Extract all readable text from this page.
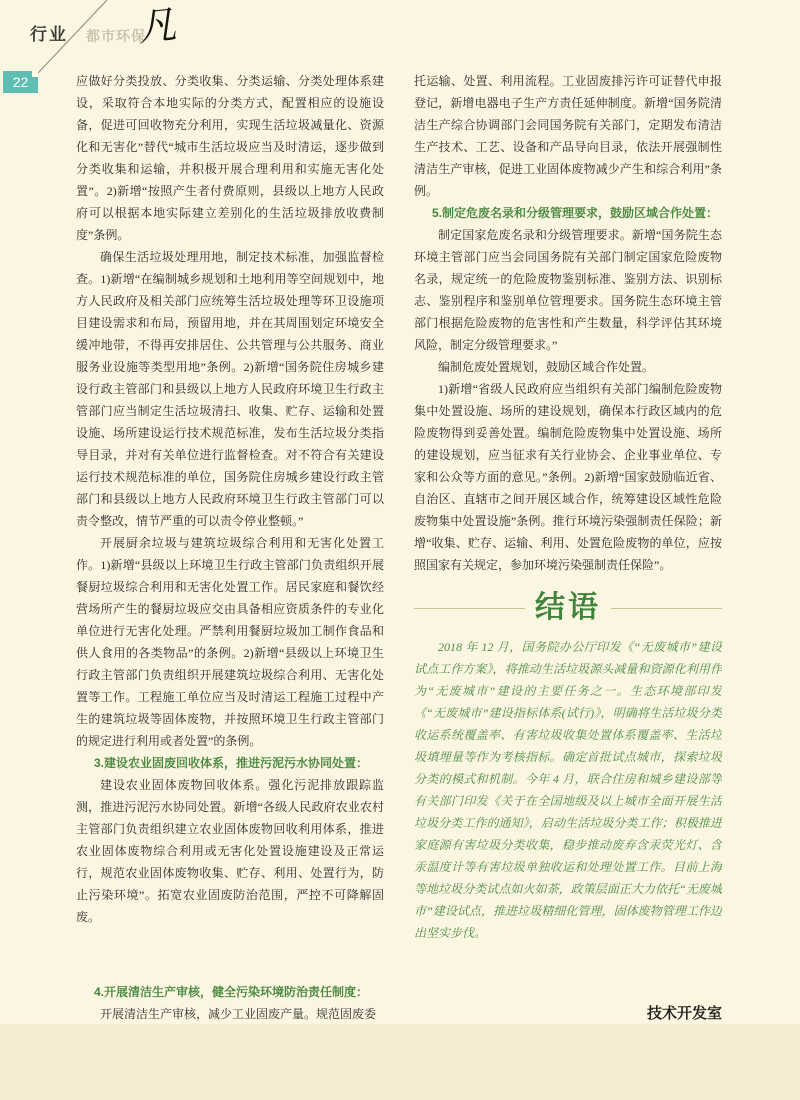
行业 都市环保
凡
22	应做好分类投放、分类收集、分类运输、分类处理体系建设，采取符合本地实际的分类方式，配置相应的设施设备，促进可回收物充分利用，实现生活垃圾减量化、资源化和无害化”替代“城市生活垃圾应当及时清运，逐步做到分类收集和运输，并积极开展合理利用和实施无害化处置”。2)新增“按照产生者付费原则，县级以上地方人民政府可以根据本地实际建立差别化的生活垃圾排放收费制度”条例。

确保生活垃圾处理用地，制定技术标准，加强监督检查。1)新增“在编制城乡规划和土地利用等空间规划中，地方人民政府及相关部门应统筹生活垃圾处理等环卫设施项目建设需求和布局，预留用地，并在其周围划定环境安全缓冲地带，不得再安排居住、公共管理与公共服务、商业服务业设施等类型用地”条例。2)新增“国务院住房城乡建设行政主管部门和县级以上地方人民政府环境卫生行政主管部门应当制定生活垃圾清扫、收集、贮存、运输和处置设施、场所建设运行技术规范标准，发布生活垃圾分类指导目录，并对有关单位进行监督检查。对不符合有关建设运行技术规范标准的单位，国务院住房城乡建设行政主管部门和县级以上地方人民政府环境卫生行政主管部门可以责令整改，情节严重的可以责令停业整顿。”

开展厨余垃圾与建筑垃圾综合利用和无害化处置工作。1)新增“县级以上环境卫生行政主管部门负责组织开展餐厨垃圾综合利用和无害化处置工作。居民家庭和餐饮经营场所产生的餐厨垃圾应交由具备相应资质条件的专业化单位进行无害化处理。严禁利用餐厨垃圾加工制作食品和供人食用的各类物品”的条例。2)新增“县级以上环境卫生行政主管部门负责组织开展建筑垃圾综合利用、无害化处置等工作。工程施工单位应当及时清运工程施工过程中产生的建筑垃圾等固体废物，并按照环境卫生行政主管部门的规定进行利用或者处置”的条例。

3.建设农业固废回收体系，推进污泥污水协同处置：

建设农业固体废物回收体系。强化污泥排放跟踪监测，推进污泥污水协同处置。新增“各级人民政府农业农村主管部门负责组织建立农业固体废物回收利用体系，推进农业固体废物综合利用或无害化处置设施建设及正常运行，规范农业固体废物收集、贮存、利用、处置行为，防止污染环境”。拓宽农业固废防治范围，严控不可降解固废。

4.开展清洁生产审核，健全污染环境防治责任制度：

开展清洁生产审核，减少工业固废产量。规范固废委

托运输、处置、利用流程。工业固废排污许可证替代申报登记，新增电器电子生产方责任延伸制度。新增“国务院清洁生产综合协调部门会同国务院有关部门，定期发布清洁生产技术、工艺、设备和产品导向目录，依法开展强制性清洁生产审核，促进工业固体废物减少产生和综合利用”条例。

5.制定危废名录和分级管理要求，鼓励区域合作处置：

制定国家危废名录和分级管理要求。新增“国务院生态环境主管部门应当会同国务院有关部门制定国家危险废物名录，规定统一的危险废物鉴别标准、鉴别方法、识别标志、鉴别程序和鉴别单位管理要求。国务院生态环境主管部门根据危险废物的危害性和产生数量，科学评估其环境风险，制定分级管理要求。”

编制危废处置规划，鼓励区域合作处置。

1)新增“省级人民政府应当组织有关部门编制危险废物集中处置设施、场所的建设规划，确保本行政区域内的危险废物得到妥善处置。编制危险废物集中处置设施、场所的建设规划，应当征求有关行业协会、企业事业单位、专家和公众等方面的意见。”条例。2)新增“国家鼓励临近省、自治区、直辖市之间开展区域合作，统筹建设区域性危险废物集中处置设施”条例。推行环境污染强制责任保险；新增“收集、贮存、运输、利用、处置危险废物的单位，应按照国家有关规定，参加环境污染强制责任保险”。

结语

2018 年 12 月，国务院办公厅印发《“无废城市”建设试点工作方案》，将推动生活垃圾源头减量和资源化利用作为“无废城市”建设的主要任务之一。生态环境部印发《“无废城市”建设指标体系(试行)》，明确将生活垃圾分类收运系统覆盖率、有害垃圾收集处置体系覆盖率、生活垃圾填埋量等作为考核指标。确定首批试点城市，探索垃圾分类的模式和机制。今年 4 月，联合住房和城乡建设部等有关部门印发《关于在全国地级及以上城市全面开展生活垃圾分类工作的通知》，启动生活垃圾分类工作；积极推进家庭源有害垃圾分类收集，稳步推动废弃含汞荧光灯、含汞温度计等有害垃圾单独收运和处理处置工作。目前上海等地垃圾分类试点如火如荼，政策层面正大力依托“无废城市”建设试点，推进垃圾精细化管理，固体废物管理工作迈出坚实步伐。

技术开发室
